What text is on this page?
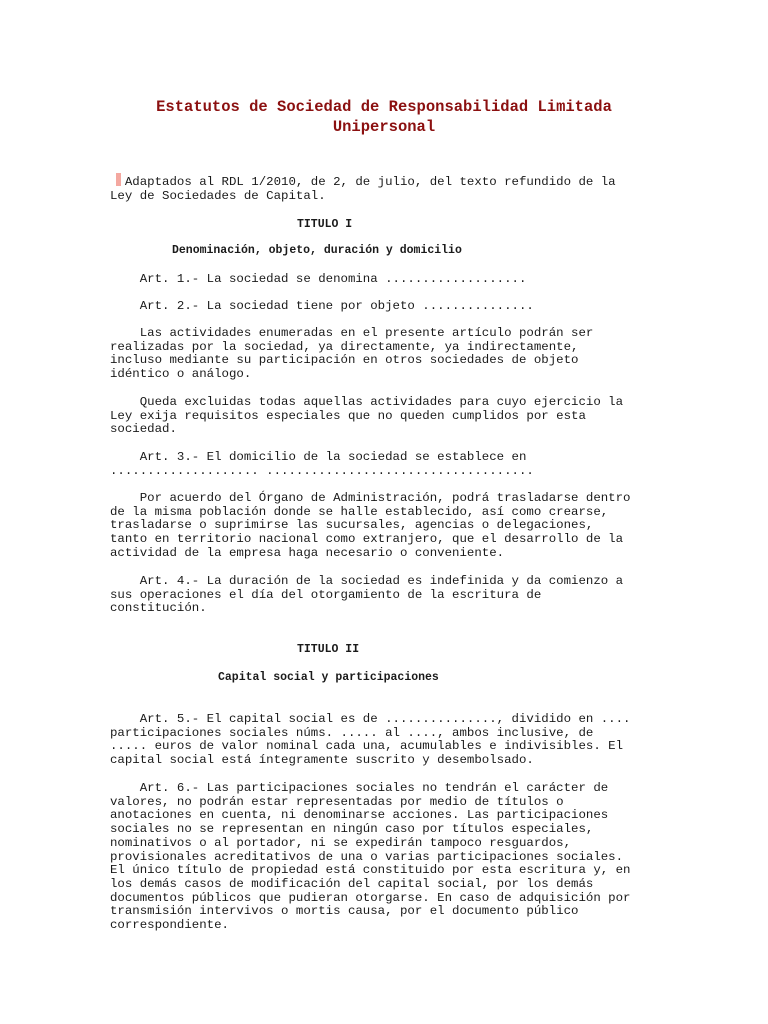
Estatutos de Sociedad de Responsabilidad Limitada
Unipersonal

Adaptados al RDL 1/2010, de 2, de julio, del texto refundido de la
Ley de Sociedades de Capital.

TITULO I

Denominación, objeto, duración y domicilio

Art. 1.- La sociedad se denomina ...................

Art. 2.- La sociedad tiene por objeto ...............

Las actividades enumeradas en el presente artículo podrán ser
realizadas por la sociedad, ya directamente, ya indirectamente,
incluso mediante su participación en otros sociedades de objeto
idéntico o análogo.

Queda excluidas todas aquellas actividades para cuyo ejercicio la
Ley exija requisitos especiales que no queden cumplidos por esta
sociedad.

Art. 3.- El domicilio de la sociedad se establece en
.................... ....................................

Por acuerdo del Órgano de Administración, podrá trasladarse dentro
de la misma población donde se halle establecido, así como crearse,
trasladarse o suprimirse las sucursales, agencias o delegaciones,
tanto en territorio nacional como extranjero, que el desarrollo de la
actividad de la empresa haga necesario o conveniente.

Art. 4.- La duración de la sociedad es indefinida y da comienzo a
sus operaciones el día del otorgamiento de la escritura de
constitución.

TITULO II

Capital social y participaciones

Art. 5.- El capital social es de ..............., dividido en ....
participaciones sociales núms. ..... al ...., ambos inclusive, de
..... euros de valor nominal cada una, acumulables e indivisibles. El
capital social está íntegramente suscrito y desembolsado.

Art. 6.- Las participaciones sociales no tendrán el carácter de
valores, no podrán estar representadas por medio de títulos o
anotaciones en cuenta, ni denominarse acciones. Las participaciones
sociales no se representan en ningún caso por títulos especiales,
nominativos o al portador, ni se expedirán tampoco resguardos,
provisionales acreditativos de una o varias participaciones sociales.
El único título de propiedad está constituido por esta escritura y, en
los demás casos de modificación del capital social, por los demás
documentos públicos que pudieran otorgarse. En caso de adquisición por
transmisión intervivos o mortis causa, por el documento público
correspondiente.
